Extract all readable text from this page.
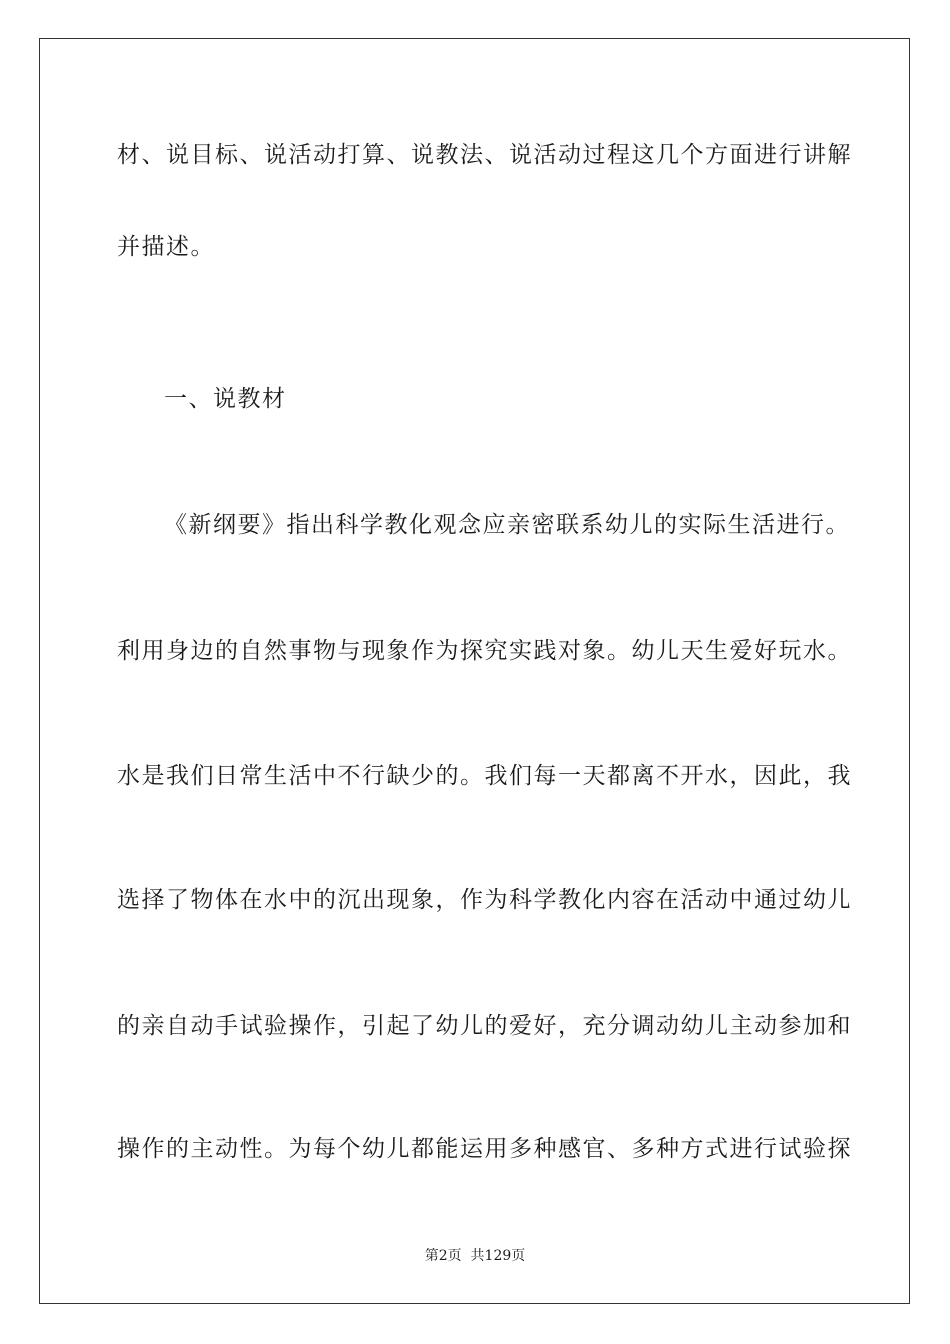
材、说目标、说活动打算、说教法、说活动过程这几个方面进行讲解
并描述。
一、说教材
《新纲要》指出科学教化观念应亲密联系幼儿的实际生活进行。
利用身边的自然事物与现象作为探究实践对象。幼儿天生爱好玩水。
水是我们日常生活中不行缺少的。我们每一天都离不开水，因此，我
选择了物体在水中的沉出现象，作为科学教化内容在活动中通过幼儿
的亲自动手试验操作，引起了幼儿的爱好，充分调动幼儿主动参加和
操作的主动性。为每个幼儿都能运用多种感官、多种方式进行试验探
第2页  共129页
